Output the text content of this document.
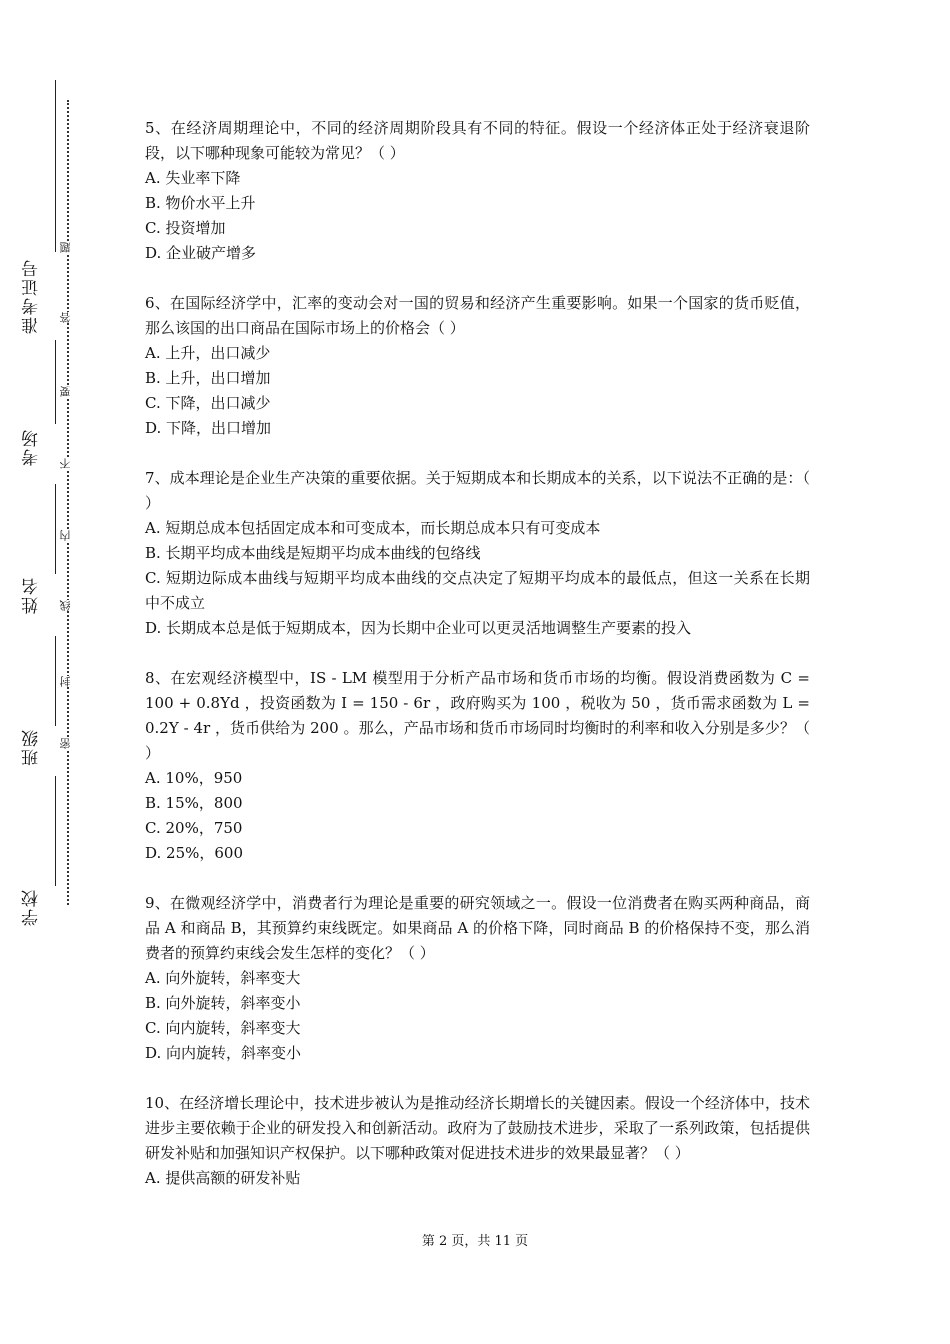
学校
班级
姓名
考场
准考证号
密
封
线
内
不
要
答
题
5、在经济周期理论中，不同的经济周期阶段具有不同的特征。假设一个经济体正处于经济衰退阶段，以下哪种现象可能较为常见？（ ）
A. 失业率下降
B. 物价水平上升
C. 投资增加
D. 企业破产增多
6、在国际经济学中，汇率的变动会对一国的贸易和经济产生重要影响。如果一个国家的货币贬值，那么该国的出口商品在国际市场上的价格会（ ）
A. 上升，出口减少
B. 上升，出口增加
C. 下降，出口减少
D. 下降，出口增加
7、成本理论是企业生产决策的重要依据。关于短期成本和长期成本的关系，以下说法不正确的是：（ ）
A. 短期总成本包括固定成本和可变成本，而长期总成本只有可变成本
B. 长期平均成本曲线是短期平均成本曲线的包络线
C. 短期边际成本曲线与短期平均成本曲线的交点决定了短期平均成本的最低点，但这一关系在长期中不成立
D. 长期成本总是低于短期成本，因为长期中企业可以更灵活地调整生产要素的投入
8、在宏观经济模型中，IS - LM 模型用于分析产品市场和货币市场的均衡。假设消费函数为 C = 100 + 0.8Yd ，投资函数为 I = 150 - 6r ，政府购买为 100 ，税收为 50 ，货币需求函数为 L = 0.2Y - 4r ，货币供给为 200 。那么，产品市场和货币市场同时均衡时的利率和收入分别是多少？（ ）
A. 10%，950
B. 15%，800
C. 20%，750
D. 25%，600
9、在微观经济学中，消费者行为理论是重要的研究领域之一。假设一位消费者在购买两种商品，商品 A 和商品 B，其预算约束线既定。如果商品 A 的价格下降，同时商品 B 的价格保持不变，那么消费者的预算约束线会发生怎样的变化？（ ）
A. 向外旋转，斜率变大
B. 向外旋转，斜率变小
C. 向内旋转，斜率变大
D. 向内旋转，斜率变小
10、在经济增长理论中，技术进步被认为是推动经济长期增长的关键因素。假设一个经济体中，技术进步主要依赖于企业的研发投入和创新活动。政府为了鼓励技术进步，采取了一系列政策，包括提供研发补贴和加强知识产权保护。以下哪种政策对促进技术进步的效果最显著？（ ）
A. 提供高额的研发补贴
第 2 页，共 11 页
